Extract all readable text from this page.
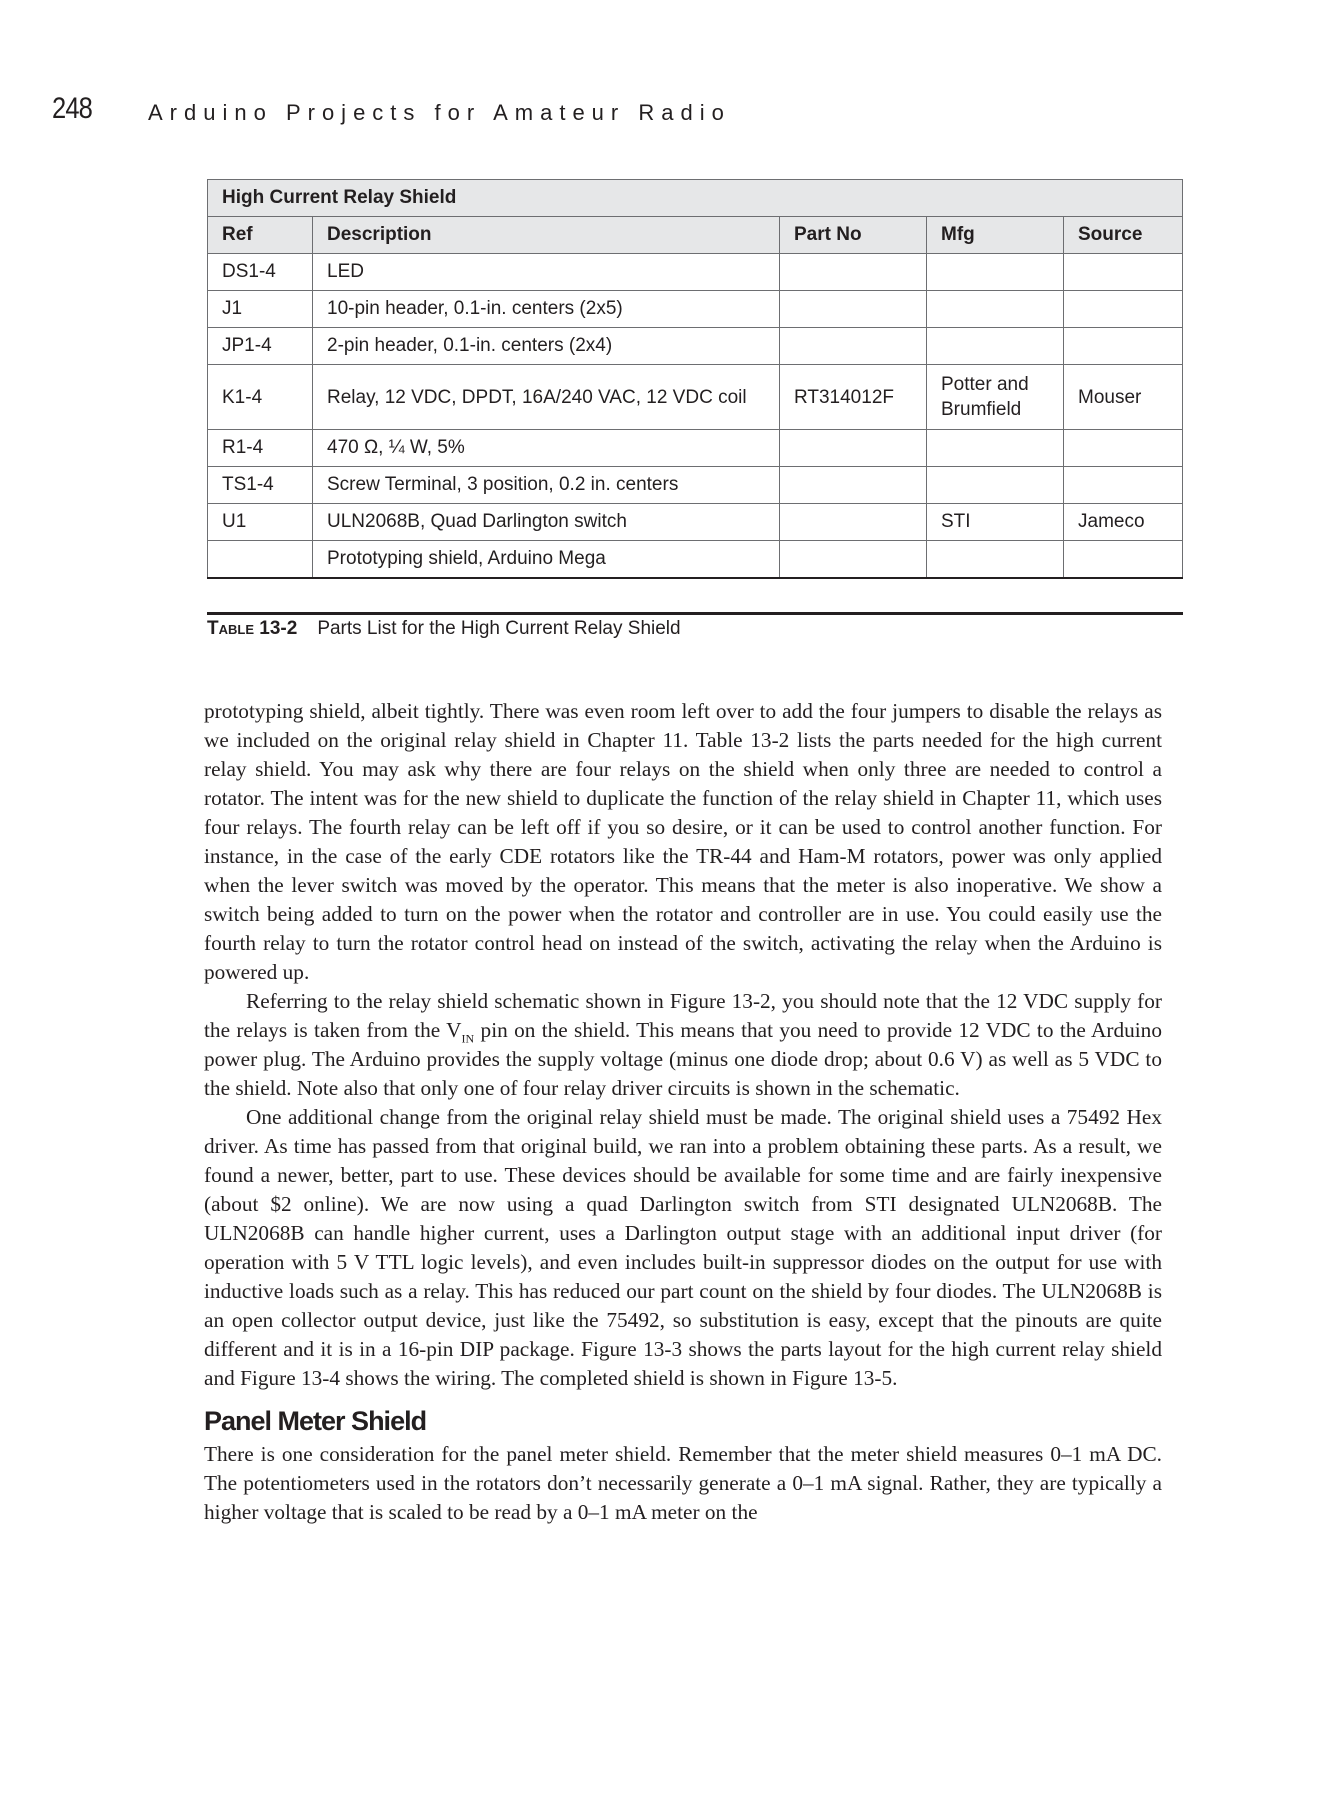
248	Arduino Projects for Amateur Radio
High Current Relay Shield				
Ref	Description	Part No	Mfg	Source
DS1-4	LED			
J1	10-pin header, 0.1-in. centers (2x5)			
JP1-4	2-pin header, 0.1-in. centers (2x4)			
K1-4	Relay, 12 VDC, DPDT, 16A/240 VAC, 12 VDC coil	RT314012F	Potter and Brumfield	Mouser
R1-4	470 Ω, ¼ W, 5%			
TS1-4	Screw Terminal, 3 position, 0.2 in. centers			
U1	ULN2068B, Quad Darlington switch		STI	Jameco
	Prototyping shield, Arduino Mega			
Table 13-2 Parts List for the High Current Relay Shield

prototyping shield, albeit tightly. There was even room left over to add the four jumpers to disable the relays as we included on the original relay shield in Chapter 11. Table 13-2 lists the parts needed for the high current relay shield. You may ask why there are four relays on the shield when only three are needed to control a rotator. The intent was for the new shield to duplicate the function of the relay shield in Chapter 11, which uses four relays. The fourth relay can be left off if you so desire, or it can be used to control another function. For instance, in the case of the early CDE rotators like the TR-44 and Ham-M rotators, power was only applied when the lever switch was moved by the operator. This means that the meter is also inoperative. We show a switch being added to turn on the power when the rotator and controller are in use. You could easily use the fourth relay to turn the rotator control head on instead of the switch, activating the relay when the Arduino is powered up.

Referring to the relay shield schematic shown in Figure 13-2, you should note that the 12 VDC supply for the relays is taken from the $V_{IN}$ pin on the shield. This means that you need to provide 12 VDC to the Arduino power plug. The Arduino provides the supply voltage (minus one diode drop; about 0.6 V) as well as 5 VDC to the shield. Note also that only one of four relay driver circuits is shown in the schematic.

One additional change from the original relay shield must be made. The original shield uses a 75492 Hex driver. As time has passed from that original build, we ran into a problem obtaining these parts. As a result, we found a newer, better, part to use. These devices should be available for some time and are fairly inexpensive (about $2 online). We are now using a quad Darlington switch from STI designated ULN2068B. The ULN2068B can handle higher current, uses a Darlington output stage with an additional input driver (for operation with 5 V TTL logic levels), and even includes built-in suppressor diodes on the output for use with inductive loads such as a relay. This has reduced our part count on the shield by four diodes. The ULN2068B is an open collector output device, just like the 75492, so substitution is easy, except that the pinouts are quite different and it is in a 16-pin DIP package. Figure 13-3 shows the parts layout for the high current relay shield and Figure 13-4 shows the wiring. The completed shield is shown in Figure 13-5.

Panel Meter Shield

There is one consideration for the panel meter shield. Remember that the meter shield measures 0–1 mA DC. The potentiometers used in the rotators don’t necessarily generate a 0–1 mA signal. Rather, they are typically a higher voltage that is scaled to be read by a 0–1 mA meter on the
